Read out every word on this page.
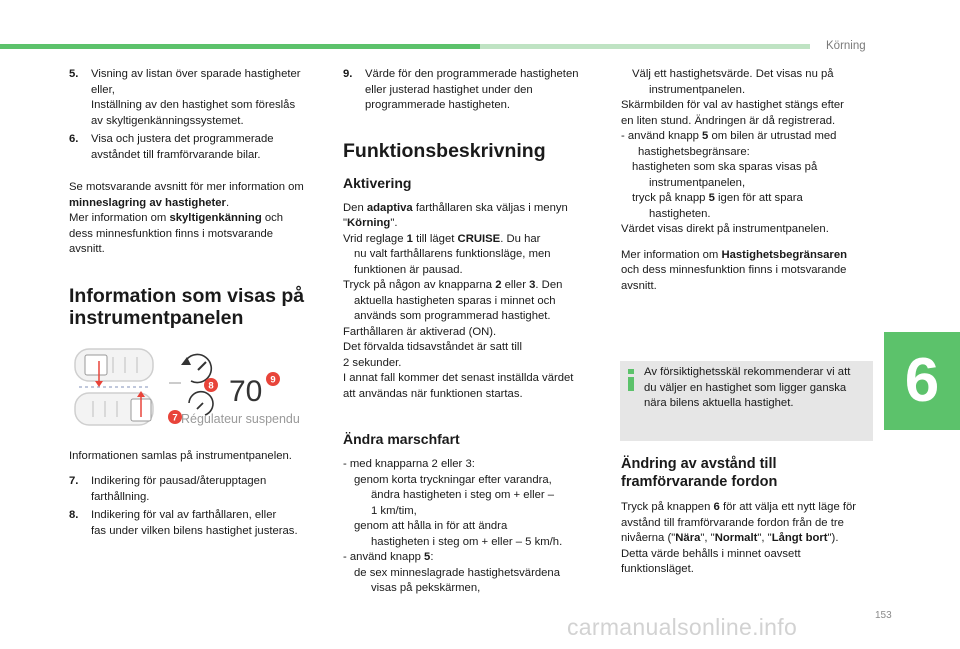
Körning
6
5.	Visning av listan över sparade hastigheter
eller,
Inställning av den hastighet som föreslås
av skyltigenkänningssystemet.
6.	Visa och justera det programmerade
avståndet till framförvarande bilar.
Se motsvarande avsnitt för mer information om
minneslagring av hastigheter.
Mer information om skyltigenkänning och
dess minnesfunktion finns i motsvarande
avsnitt.
Information som visas på
instrumentpanelen
8
7
70 9
Régulateur suspendu

Informationen samlas på instrumentpanelen.

7.	Indikering för pausad/återupptagen
farthållning.
8.	Indikering för val av farthållaren, eller
fas under vilken bilens hastighet justeras.
9.	Värde för den programmerade hastigheten
eller justerad hastighet under den
programmerade hastigheten.
Funktionsbeskrivning
Aktivering
Den adaptiva farthållaren ska väljas i menyn
"Körning".
Vrid reglage 1 till läget CRUISE. Du har
nu valt farthållarens funktionsläge, men
funktionen är pausad.
Tryck på någon av knapparna 2 eller 3. Den
aktuella hastigheten sparas i minnet och
används som programmerad hastighet.
Farthållaren är aktiverad (ON).
Det förvalda tidsavståndet är satt till
2 sekunder.
I annat fall kommer det senast inställda värdet
att användas när funktionen startas.
Ändra marschfart
- med knapparna 2 eller 3:
genom korta tryckningar efter varandra,
ändra hastigheten i steg om + eller –
1 km/tim,
genom att hålla in för att ändra
hastigheten i steg om + eller – 5 km/h.
- använd knapp 5:
de sex minneslagrade hastighetsvärdena
visas på pekskärmen,
Välj ett hastighetsvärde. Det visas nu på
instrumentpanelen.
Skärmbilden för val av hastighet stängs efter
en liten stund. Ändringen är då registrerad.
- använd knapp 5 om bilen är utrustad med
hastighetsbegränsare:
hastigheten som ska sparas visas på
instrumentpanelen,
tryck på knapp 5 igen för att spara
hastigheten.
Värdet visas direkt på instrumentpanelen.
Mer information om Hastighetsbegränsaren
och dess minnesfunktion finns i motsvarande
avsnitt.
Av försiktighetsskäl rekommenderar vi att
du väljer en hastighet som ligger ganska
nära bilens aktuella hastighet.
Ändring av avstånd till
framförvarande fordon
Tryck på knappen 6 för att välja ett nytt läge för
avstånd till framförvarande fordon från de tre
nivåerna ("Nära", "Normalt", "Långt bort").
Detta värde behålls i minnet oavsett
funktionsläget.
153
carmanualsonline.info
